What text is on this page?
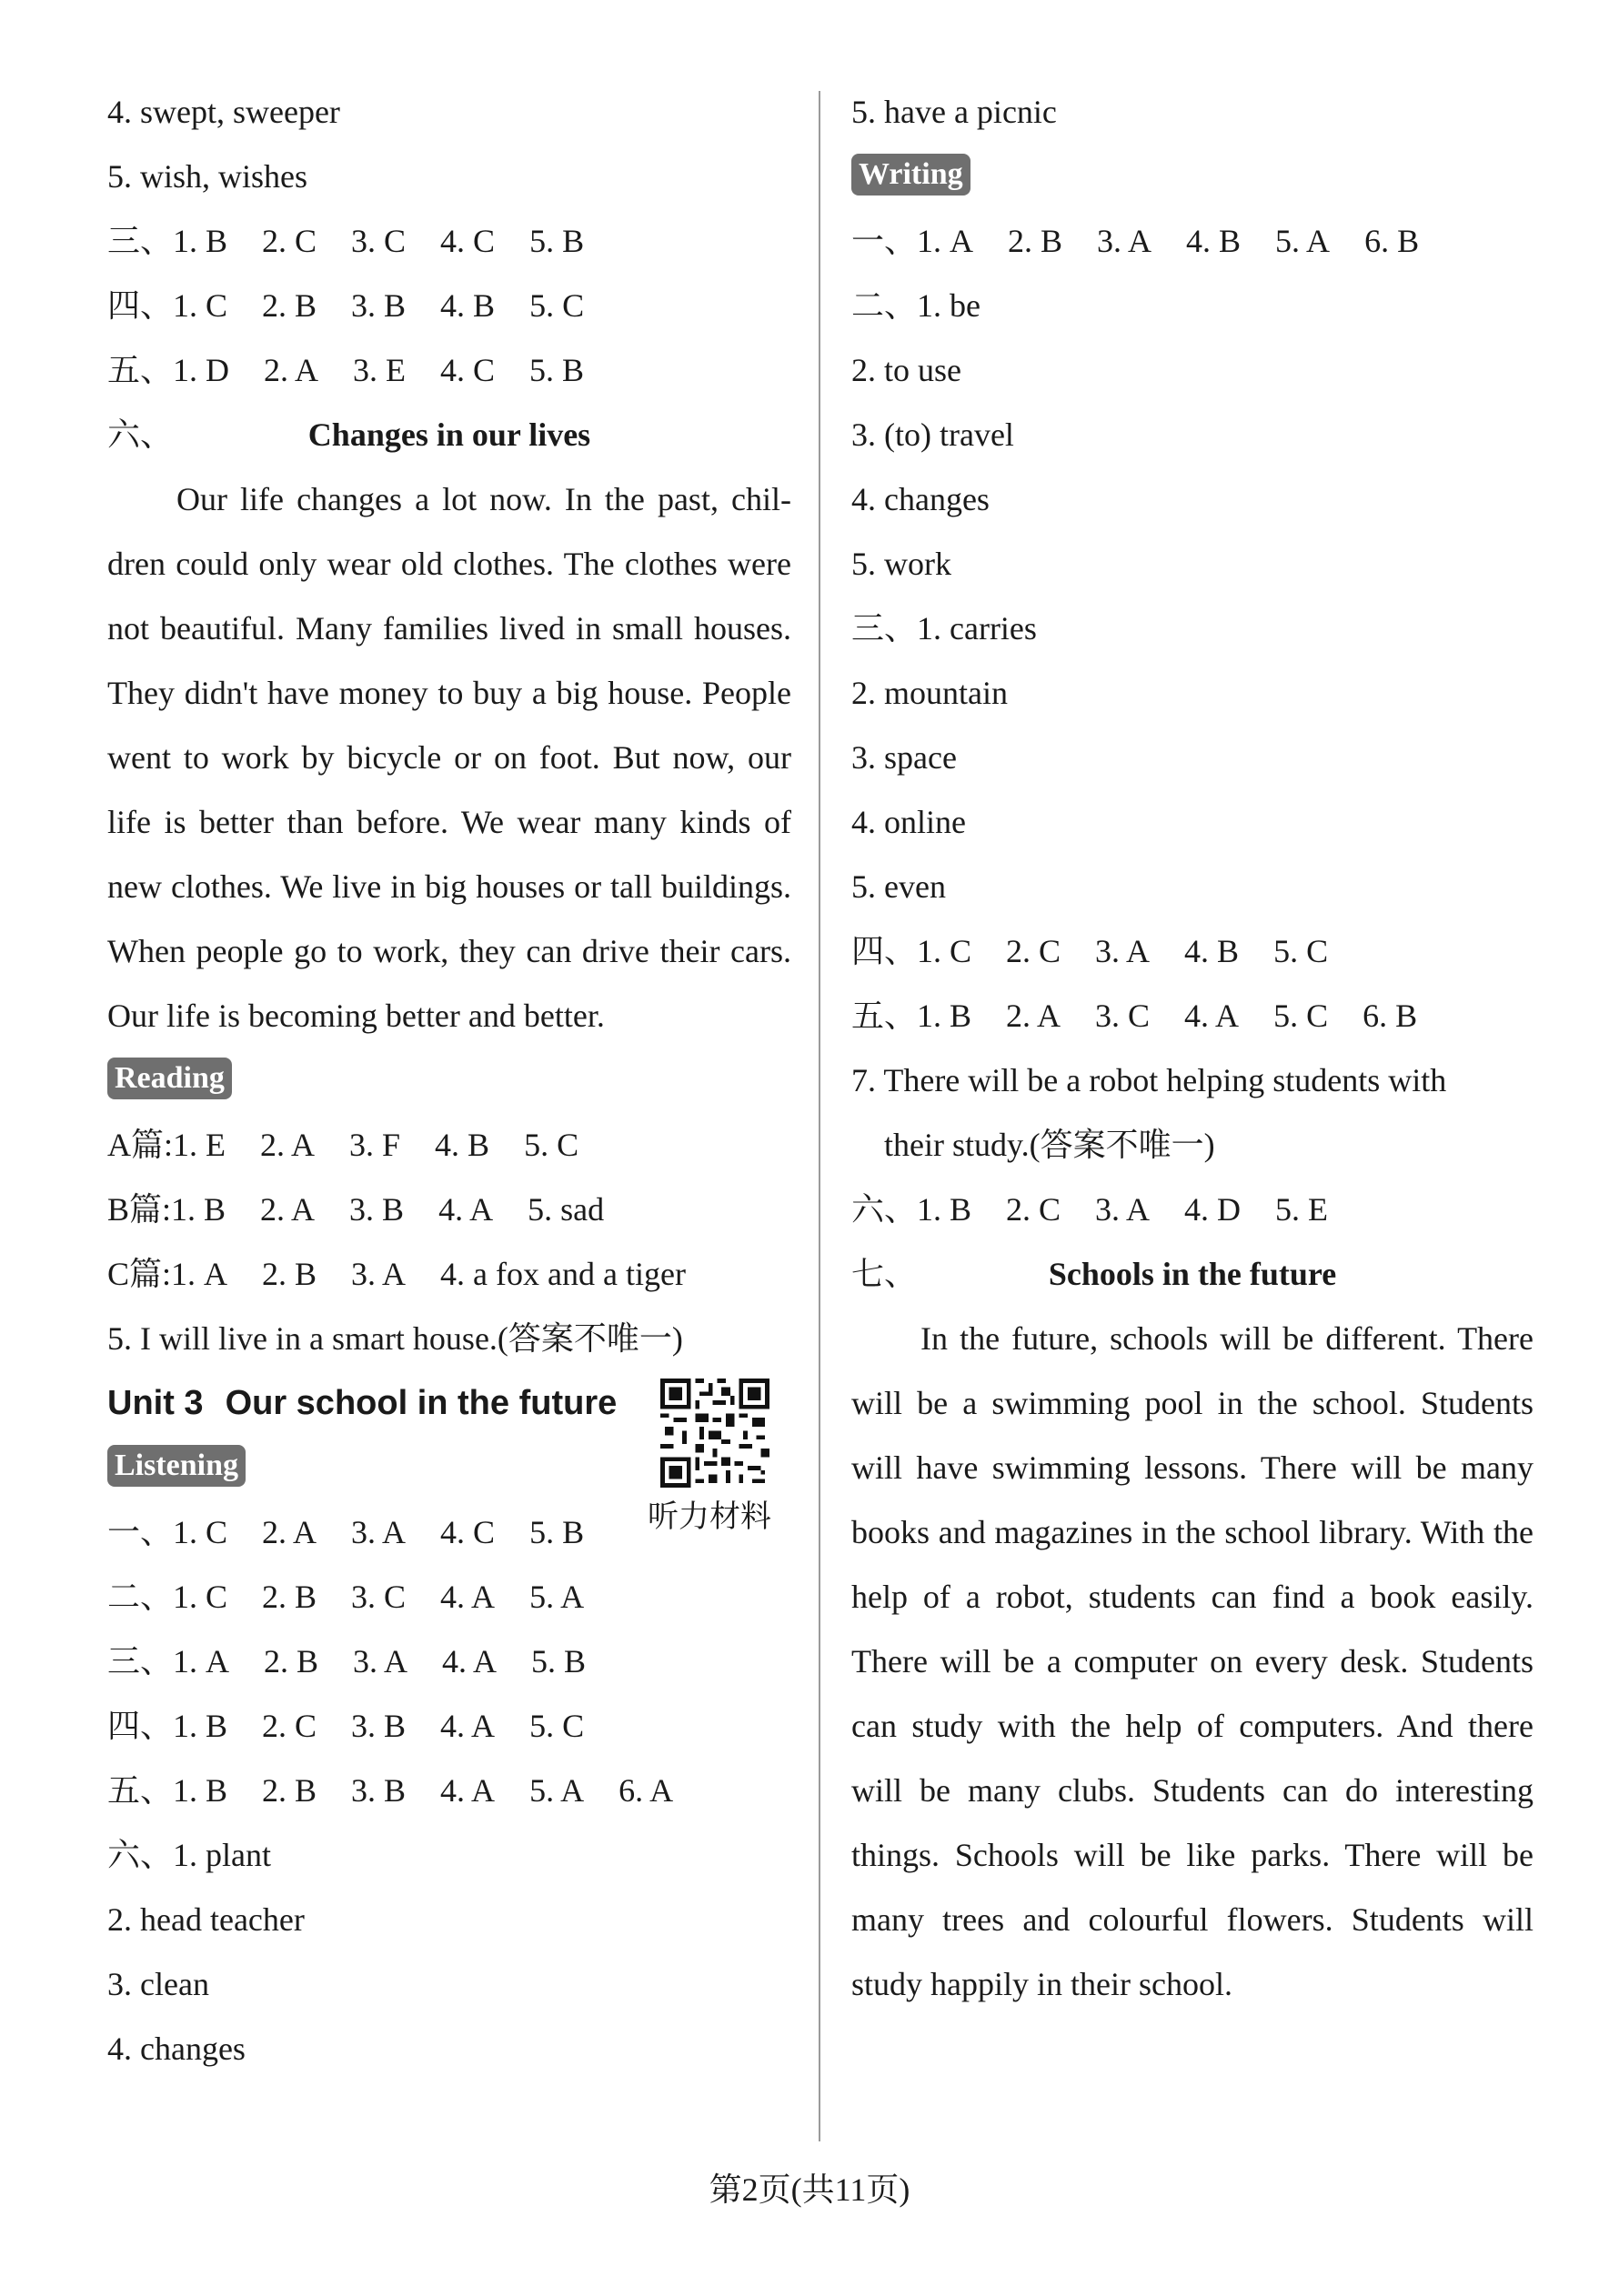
4. swept, sweeper
5. wish, wishes
三、1. B 2. C 3. C 4. C 5. B
四、1. C 2. B 3. B 4. B 5. C
五、1. D 2. A 3. E 4. C 5. B
六、	Changes in our lives

Our life changes a lot now. In the past, children could only wear old clothes. The clothes were not beautiful. Many families lived in small houses. They didn't have money to buy a big house. People went to work by bicycle or on foot. But now, our life is better than before. We wear many kinds of new clothes. We live in big houses or tall buildings. When people go to work, they can drive their cars. Our life is becoming better and better.

Reading
A篇:1. E 2. A 3. F 4. B 5. C
B篇:1. B 2. A 3. B 4. A 5. sad
C篇:1. A 2. B 3. A 4. a fox and a tiger
5. I will live in a smart house.(答案不唯一)
Unit 3 Our school in the future
听力材料
Listening
一、1. C 2. A 3. A 4. C 5. B
二、1. C 2. B 3. C 4. A 5. A
三、1. A 2. B 3. A 4. A 5. B
四、1. B 2. C 3. B 4. A 5. C
五、1. B 2. B 3. B 4. A 5. A 6. A
六、1. plant
2. head teacher
3. clean
4. changes
5. have a picnic
Writing
一、1. A 2. B 3. A 4. B 5. A 6. B
二、1. be
2. to use
3. (to) travel
4. changes
5. work
三、1. carries
2. mountain
3. space
4. online
5. even
四、1. C 2. C 3. A 4. B 5. C
五、1. B 2. A 3. C 4. A 5. C 6. B
7. There will be a robot helping students with
their study.(答案不唯一)
六、1. B 2. C 3. A 4. D 5. E
七、	Schools in the future

In the future, schools will be different. There will be a swimming pool in the school. Students will have swimming lessons. There will be many books and magazines in the school library. With the help of a robot, students can find a book easily. There will be a computer on every desk. Students can study with the help of computers. And there will be many clubs. Students can do interesting things. Schools will be like parks. There will be many trees and colourful flowers. Students will study happily in their school.

第2页(共11页)
